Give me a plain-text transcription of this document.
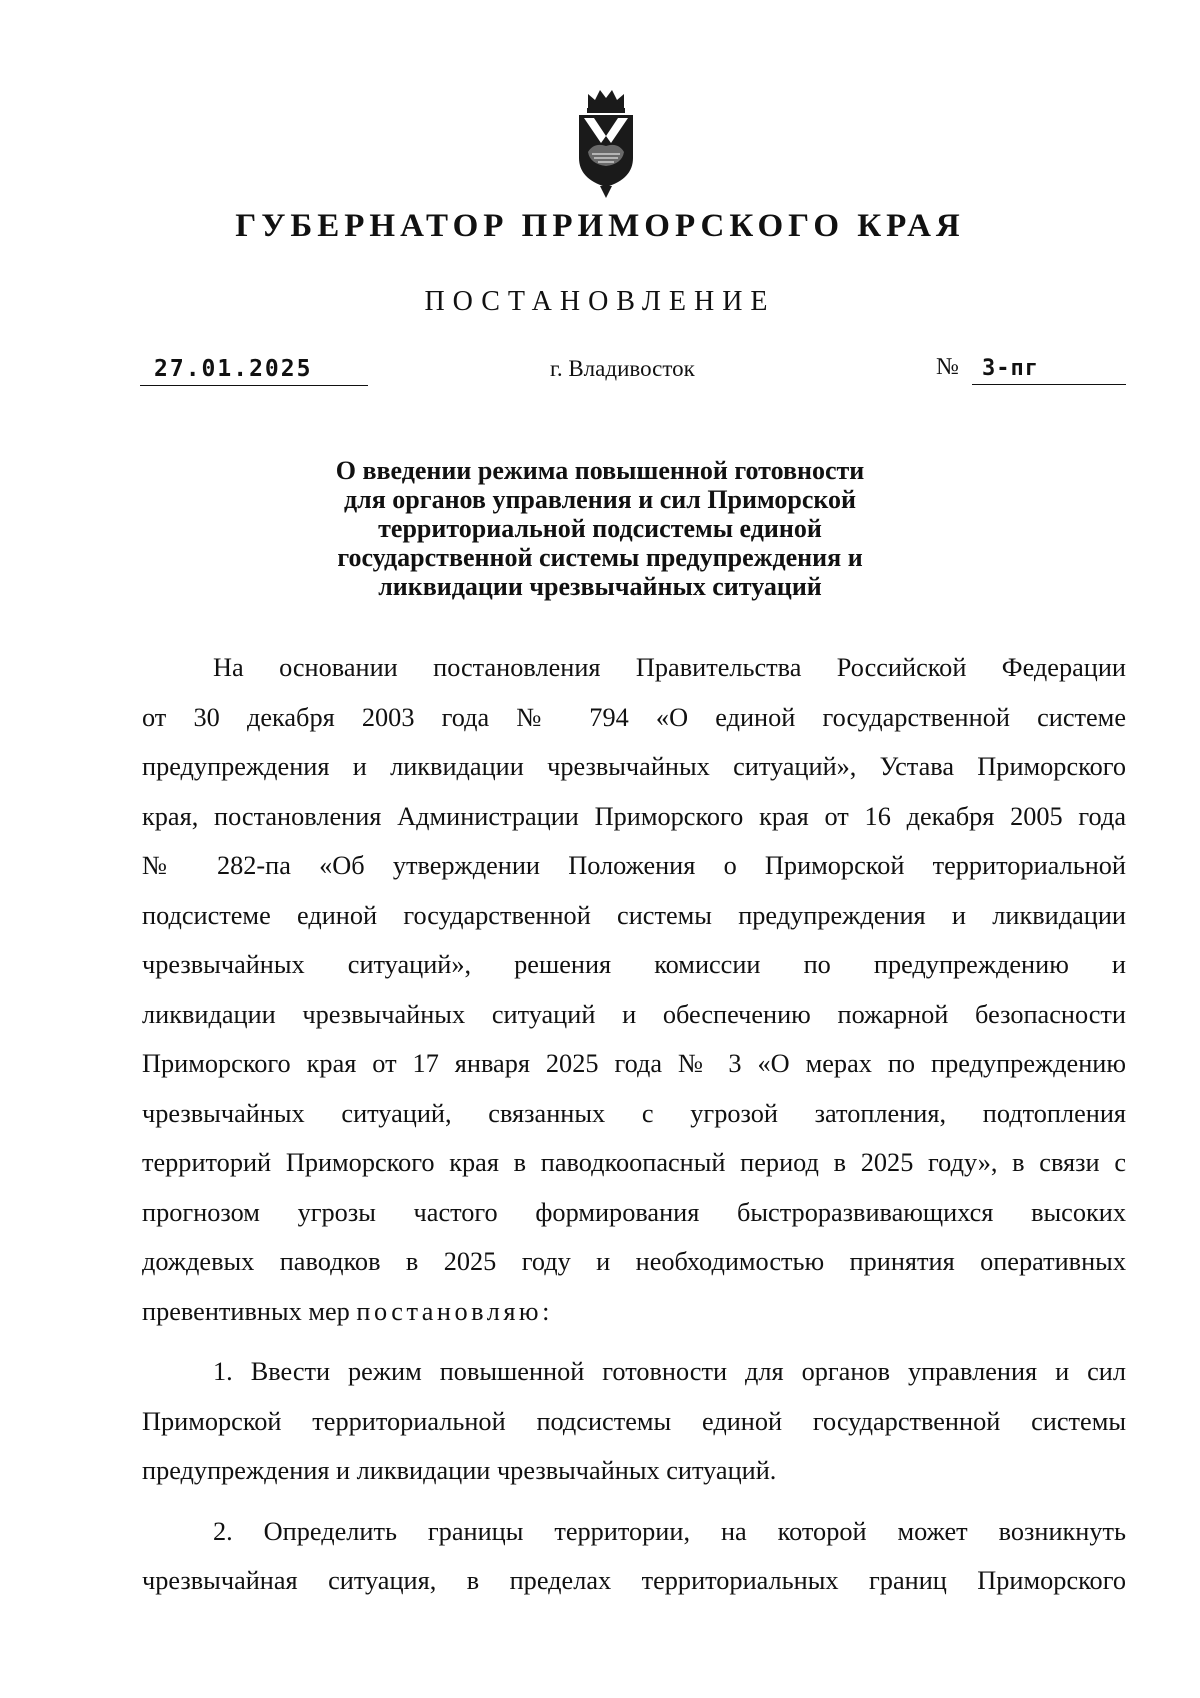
ГУБЕРНАТОР ПРИМОРСКОГО КРАЯ
ПОСТАНОВЛЕНИЕ
27.01.2025	г. Владивосток	№ 3-пг
О введении режима повышенной готовности
для органов управления и сил Приморской
территориальной подсистемы единой
государственной системы предупреждения и
ликвидации чрезвычайных ситуаций
На основании постановления Правительства Российской Федерации
от 30 декабря 2003 года № 794 «О единой государственной системе
предупреждения и ликвидации чрезвычайных ситуаций», Устава Приморского
края, постановления Администрации Приморского края от 16 декабря 2005 года
№ 282-па «Об утверждении Положения о Приморской территориальной
подсистеме единой государственной системы предупреждения и ликвидации
чрезвычайных ситуаций», решения комиссии по предупреждению и
ликвидации чрезвычайных ситуаций и обеспечению пожарной безопасности
Приморского края от 17 января 2025 года № 3 «О мерах по предупреждению
чрезвычайных ситуаций, связанных с угрозой затопления, подтопления
территорий Приморского края в паводкоопасный период в 2025 году», в связи с
прогнозом угрозы частого формирования быстроразвивающихся высоких
дождевых паводков в 2025 году и необходимостью принятия оперативных
превентивных мер постановляю:
1. Ввести режим повышенной готовности для органов управления и сил
Приморской территориальной подсистемы единой государственной системы
предупреждения и ликвидации чрезвычайных ситуаций.
2. Определить границы территории, на которой может возникнуть
чрезвычайная ситуация, в пределах территориальных границ Приморского
